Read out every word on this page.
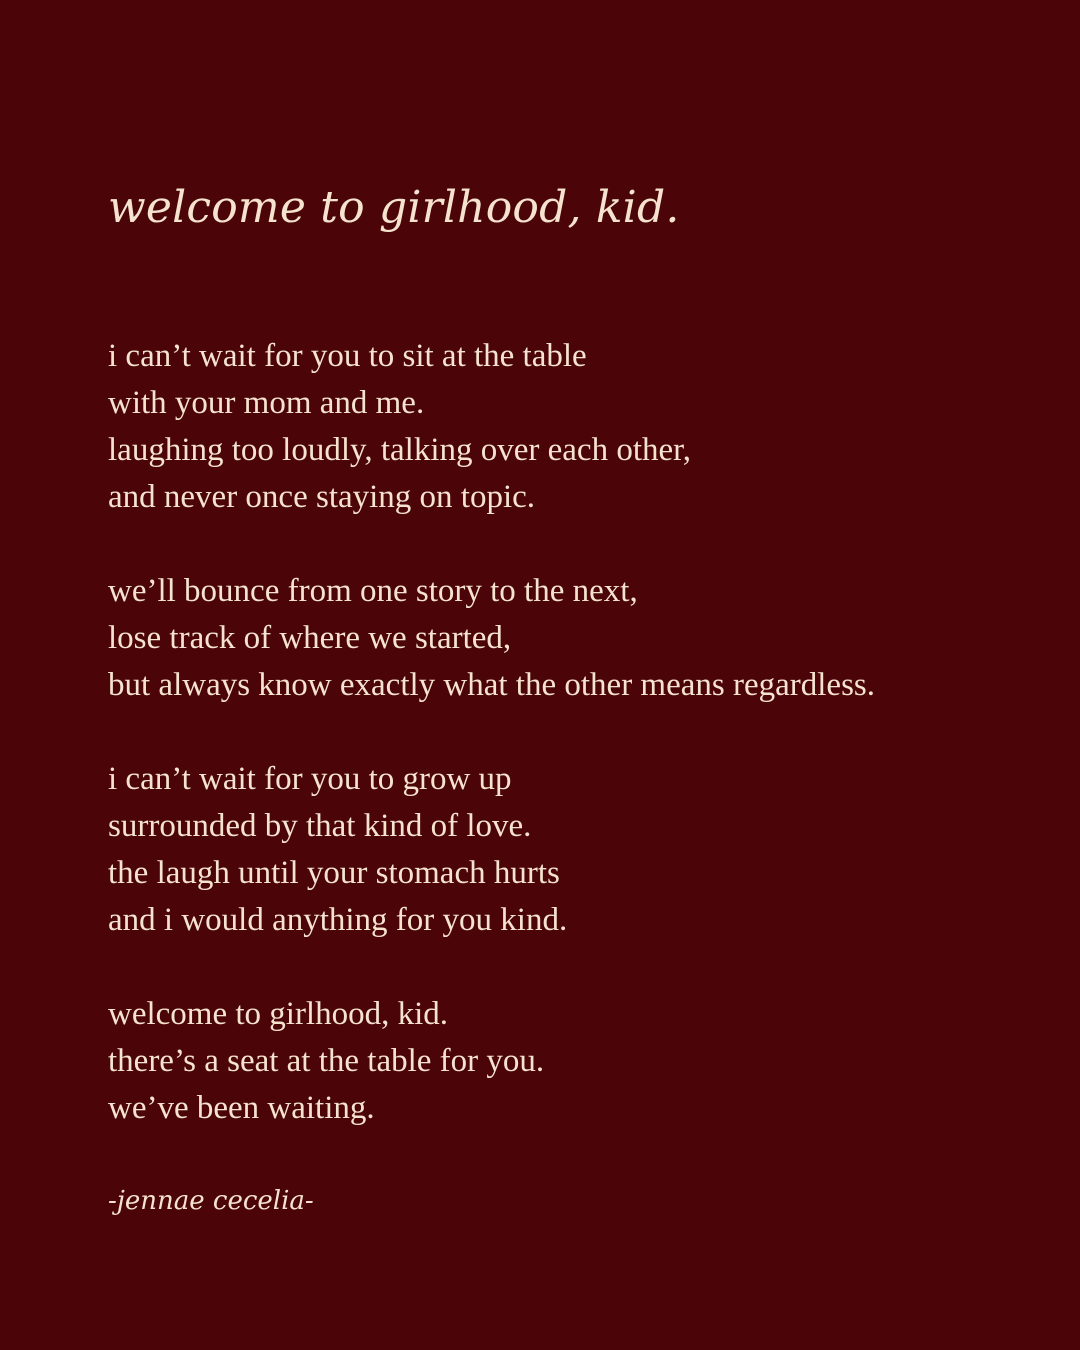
welcome to girlhood, kid.
i can’t wait for you to sit at the table
with your mom and me.
laughing too loudly, talking over each other,
and never once staying on topic.
we’ll bounce from one story to the next,
lose track of where we started,
but always know exactly what the other means regardless.
i can’t wait for you to grow up
surrounded by that kind of love.
the laugh until your stomach hurts
and i would anything for you kind.
welcome to girlhood, kid.
there’s a seat at the table for you.
we’ve been waiting.
-jennae cecelia-
